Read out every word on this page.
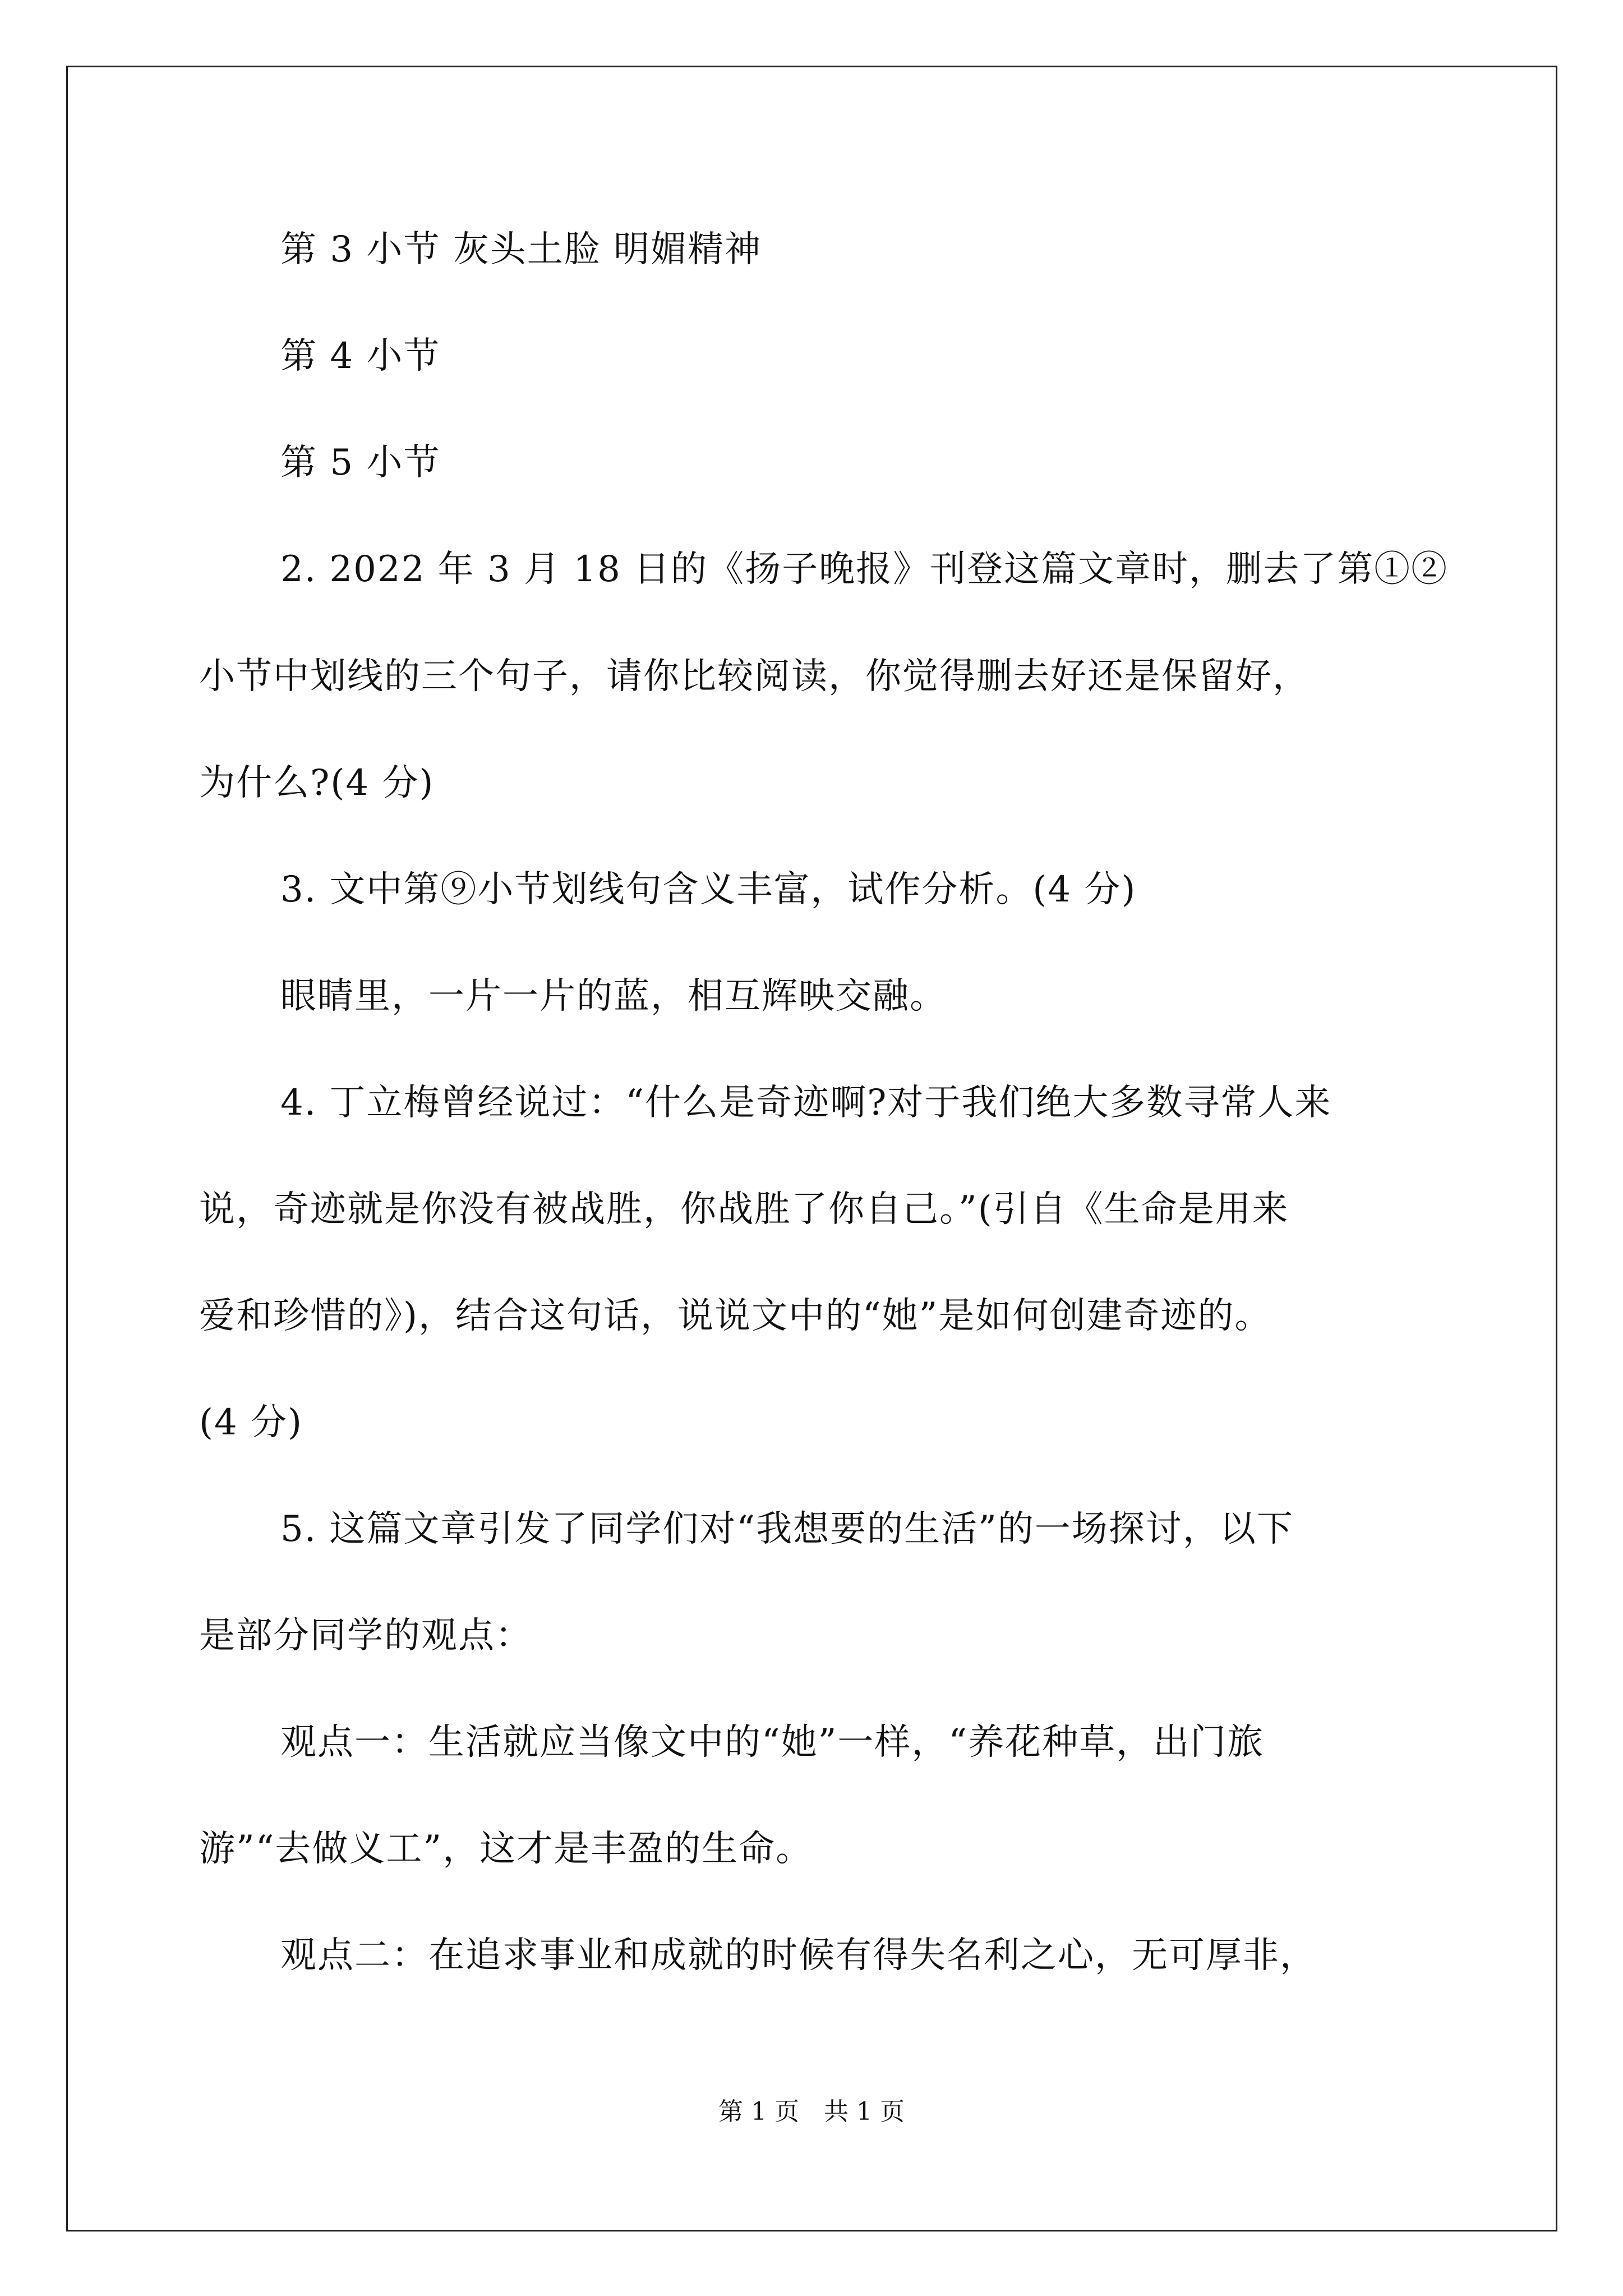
第 3 小节 灰头土脸 明媚精神
第 4 小节
第 5 小节
2. 2022 年 3 月 18 日的《扬子晚报》刊登这篇文章时，删去了第①②
小节中划线的三个句子，请你比较阅读，你觉得删去好还是保留好，
为什么?(4 分)
3. 文中第⑨小节划线句含义丰富，试作分析。(4 分)
眼睛里，一片一片的蓝，相互辉映交融。
4. 丁立梅曾经说过：“什么是奇迹啊?对于我们绝大多数寻常人来
说，奇迹就是你没有被战胜，你战胜了你自己。”(引自《生命是用来
爱和珍惜的》)，结合这句话，说说文中的“她”是如何创建奇迹的。
(4 分)
5. 这篇文章引发了同学们对“我想要的生活”的一场探讨，以下
是部分同学的观点：
观点一：生活就应当像文中的“她”一样，“养花种草，出门旅
游”“去做义工”，这才是丰盈的生命。
观点二：在追求事业和成就的时候有得失名利之心，无可厚非，
第 1 页　共 1 页
